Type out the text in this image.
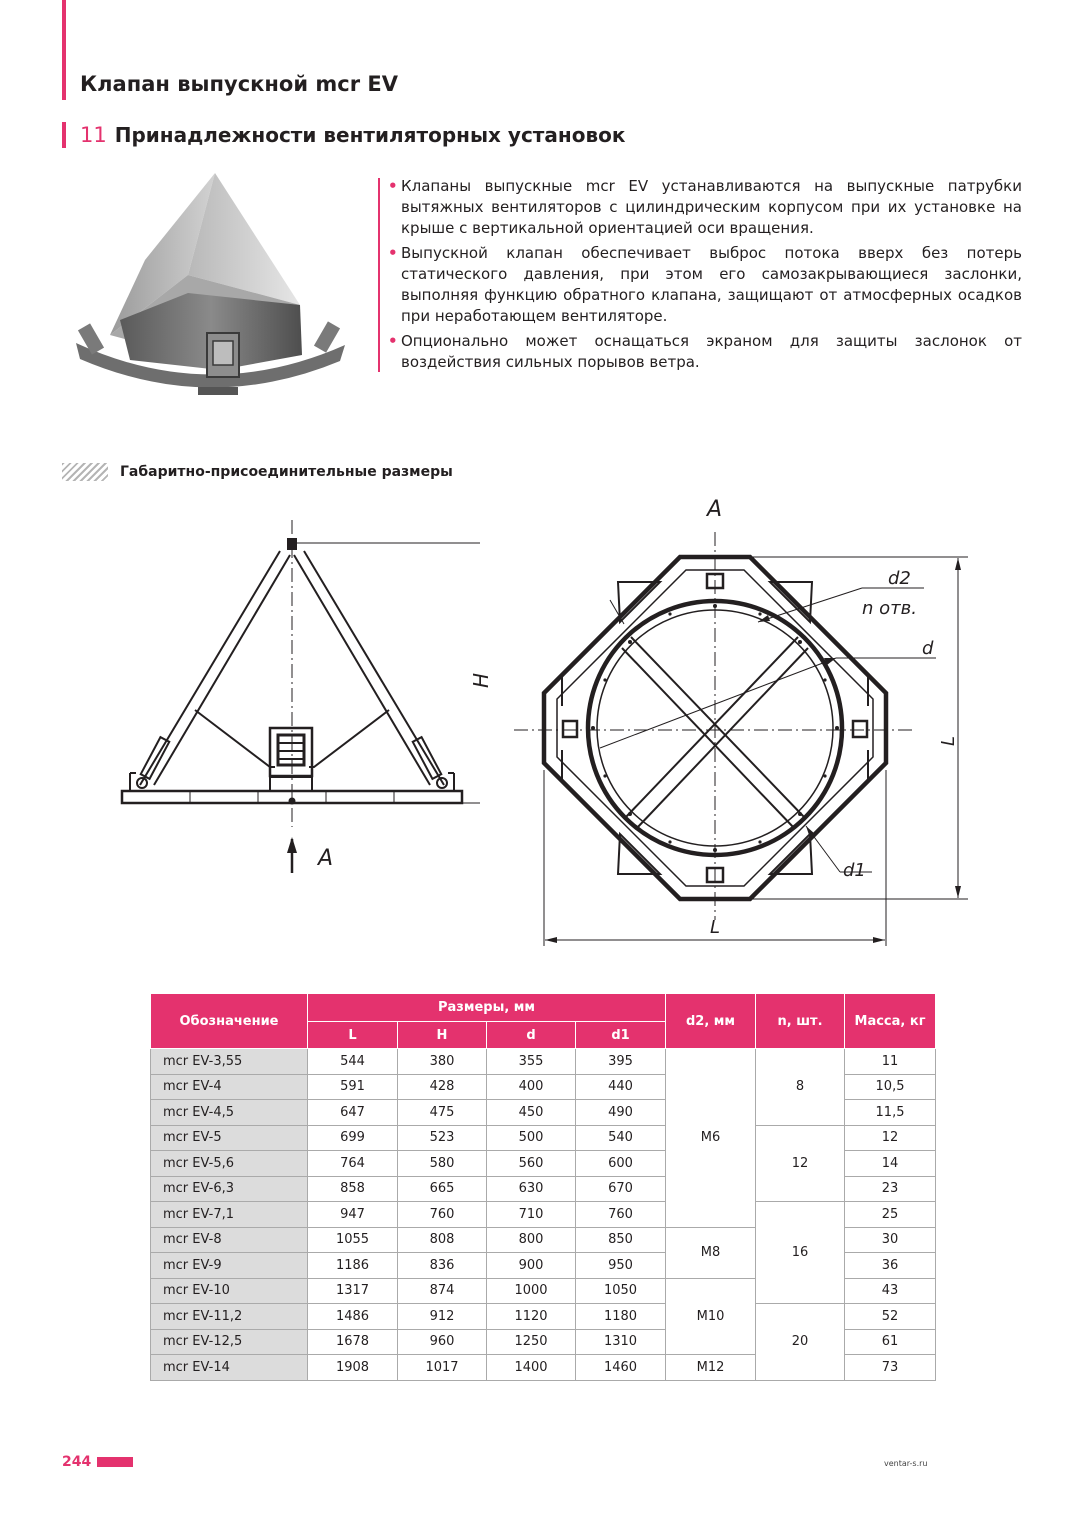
Клапан выпускной mcr EV
11 Принадлежности вентиляторных установок
• Клапаны выпускные mcr EV устанавливаются на выпускные патрубки вытяжных вентиляторов с цилиндрическим корпусом при их установке на крыше с вертикальной ориентацией оси вращения.
• Выпускной клапан обеспечивает выброс потока вверх без потерь статического давления, при этом его самозакрывающиеся заслонки, выполняя функцию обратного клапана, защищают от атмосферных осадков при неработающем вентиляторе.
• Опционально может оснащаться экраном для защиты заслонок от воздействия сильных порывов ветра.
Габаритно-присоединительные размеры
A
H
A
d2
n отв.
d
d1
L
L
Обозначение	Размеры, мм				d2, мм	n, шт.	Масса, кг
	L	H	d	d1			
mcr EV-3,55	544	380	355	395	M6	8	11
mcr EV-4	591	428	400	440			10,5
mcr EV-4,5	647	475	450	490			11,5
mcr EV-5	699	523	500	540		12	12
mcr EV-5,6	764	580	560	600			14
mcr EV-6,3	858	665	630	670			23
mcr EV-7,1	947	760	710	760		16	25
mcr EV-8	1055	808	800	850	M8		30
mcr EV-9	1186	836	900	950			36
mcr EV-10	1317	874	1000	1050	M10		43
mcr EV-11,2	1486	912	1120	1180		20	52
mcr EV-12,5	1678	960	1250	1310			61
mcr EV-14	1908	1017	1400	1460	M12		73
244	ventar-s.ru
